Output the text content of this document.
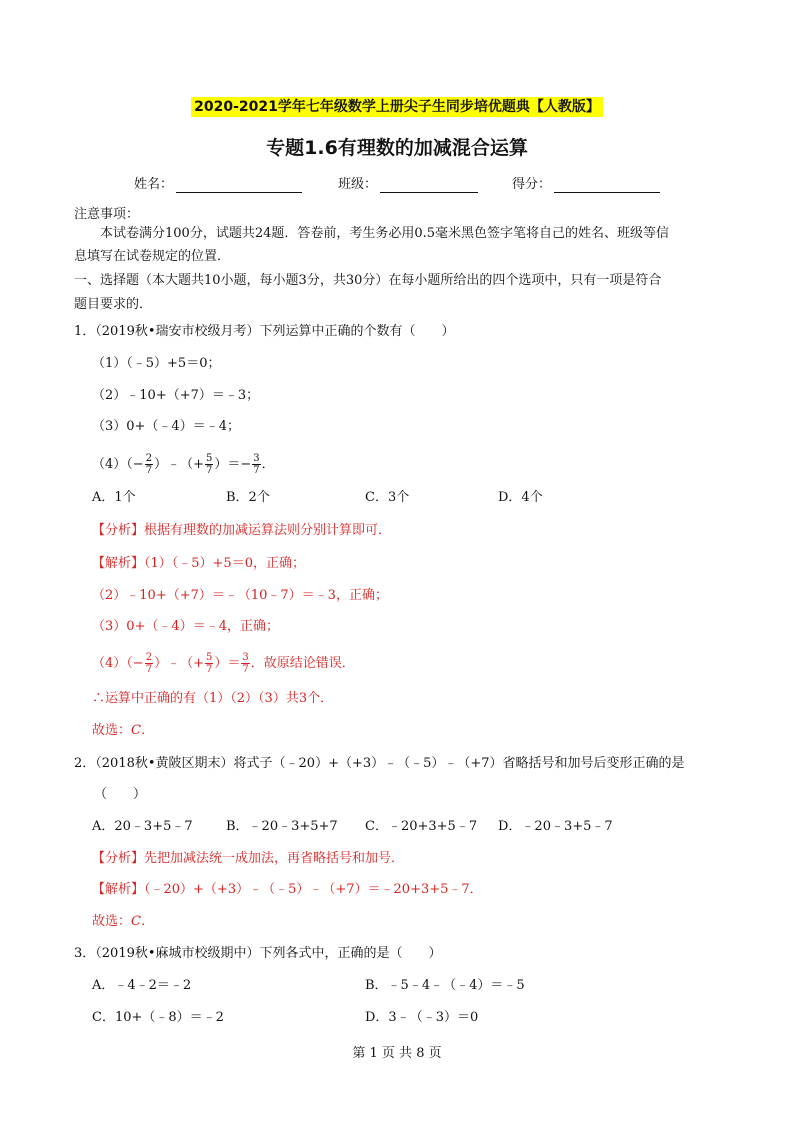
2020-2021学年七年级数学上册尖子生同步培优题典【人教版】
专题1.6有理数的加减混合运算
姓名：	班级：	得分：
注意事项：
本试卷满分100分，试题共24题．答卷前，考生务必用0.5毫米黑色签字笔将自己的姓名、班级等信
息填写在试卷规定的位置．
一、选择题（本大题共10小题，每小题3分，共30分）在每小题所给出的四个选项中，只有一项是符合
题目要求的．
1．（2019秋•瑞安市校级月考）下列运算中正确的个数有（　　）
（1）（﹣5）+5＝0；
（2）﹣10+（+7）＝﹣3；
（3）0+（﹣4）＝﹣4；
$(4)(- \frac{2}{7}$ ）﹣（+ $\frac{5}{7}$ ）＝− $\frac{3}{7}$ ．
A．1个	B．2个	C．3个	D．4个
【分析】根据有理数的加减运算法则分别计算即可．
【解析】（1）（﹣5）+5＝0，正确；
（2）﹣10+（+7）＝﹣（10﹣7）＝﹣3，正确；
（3）0+（﹣4）＝﹣4，正确；
$(4)(- \frac{2}{7}$ ）﹣（+ $\frac{5}{7}$ ）＝ $\frac{3}{7}$ ．故原结论错误．
∴运算中正确的有（1）（2）（3）共3个．
故选：C．
2．（2018秋•黄陂区期末）将式子（﹣20）+（+3）﹣（﹣5）﹣（+7）省略括号和加号后变形正确的是
（　　）
A．20﹣3+5﹣7	B．﹣20﹣3+5+7 C．﹣20+3+5﹣7 D．﹣20﹣3+5﹣7
【分析】先把加减法统一成加法，再省略括号和加号．
【解析】（﹣20）+（+3）﹣（﹣5）﹣（+7）＝﹣20+3+5﹣7．
故选：C．
3．（2019秋•麻城市校级期中）下列各式中，正确的是（　　）
A．﹣4﹣2＝﹣2	B．﹣5﹣4﹣（﹣4）＝﹣5
C．10+（﹣8）＝﹣2	D．3﹣（﹣3）＝0
第 1 页 共 8 页
